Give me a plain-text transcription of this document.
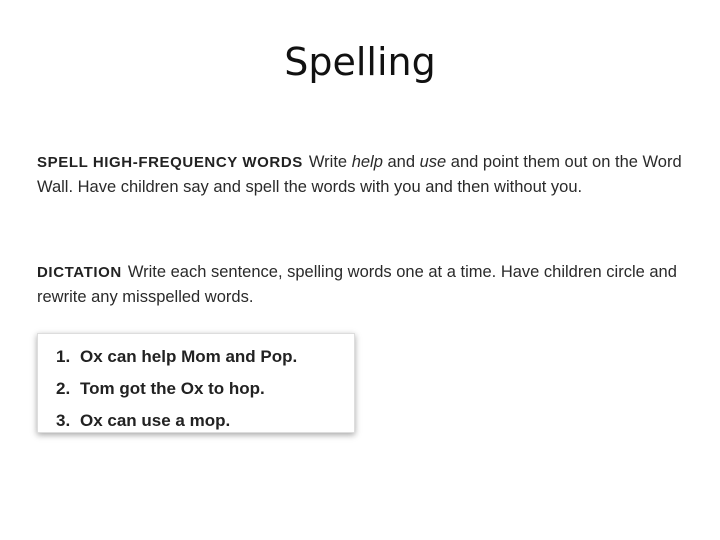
Spelling
SPELL HIGH-FREQUENCY WORDS Write help and use and point them out on the Word Wall. Have children say and spell the words with you and then without you.
DICTATION Write each sentence, spelling words one at a time. Have children circle and rewrite any misspelled words.
1. Ox can help Mom and Pop.
2. Tom got the Ox to hop.
3. Ox can use a mop.
